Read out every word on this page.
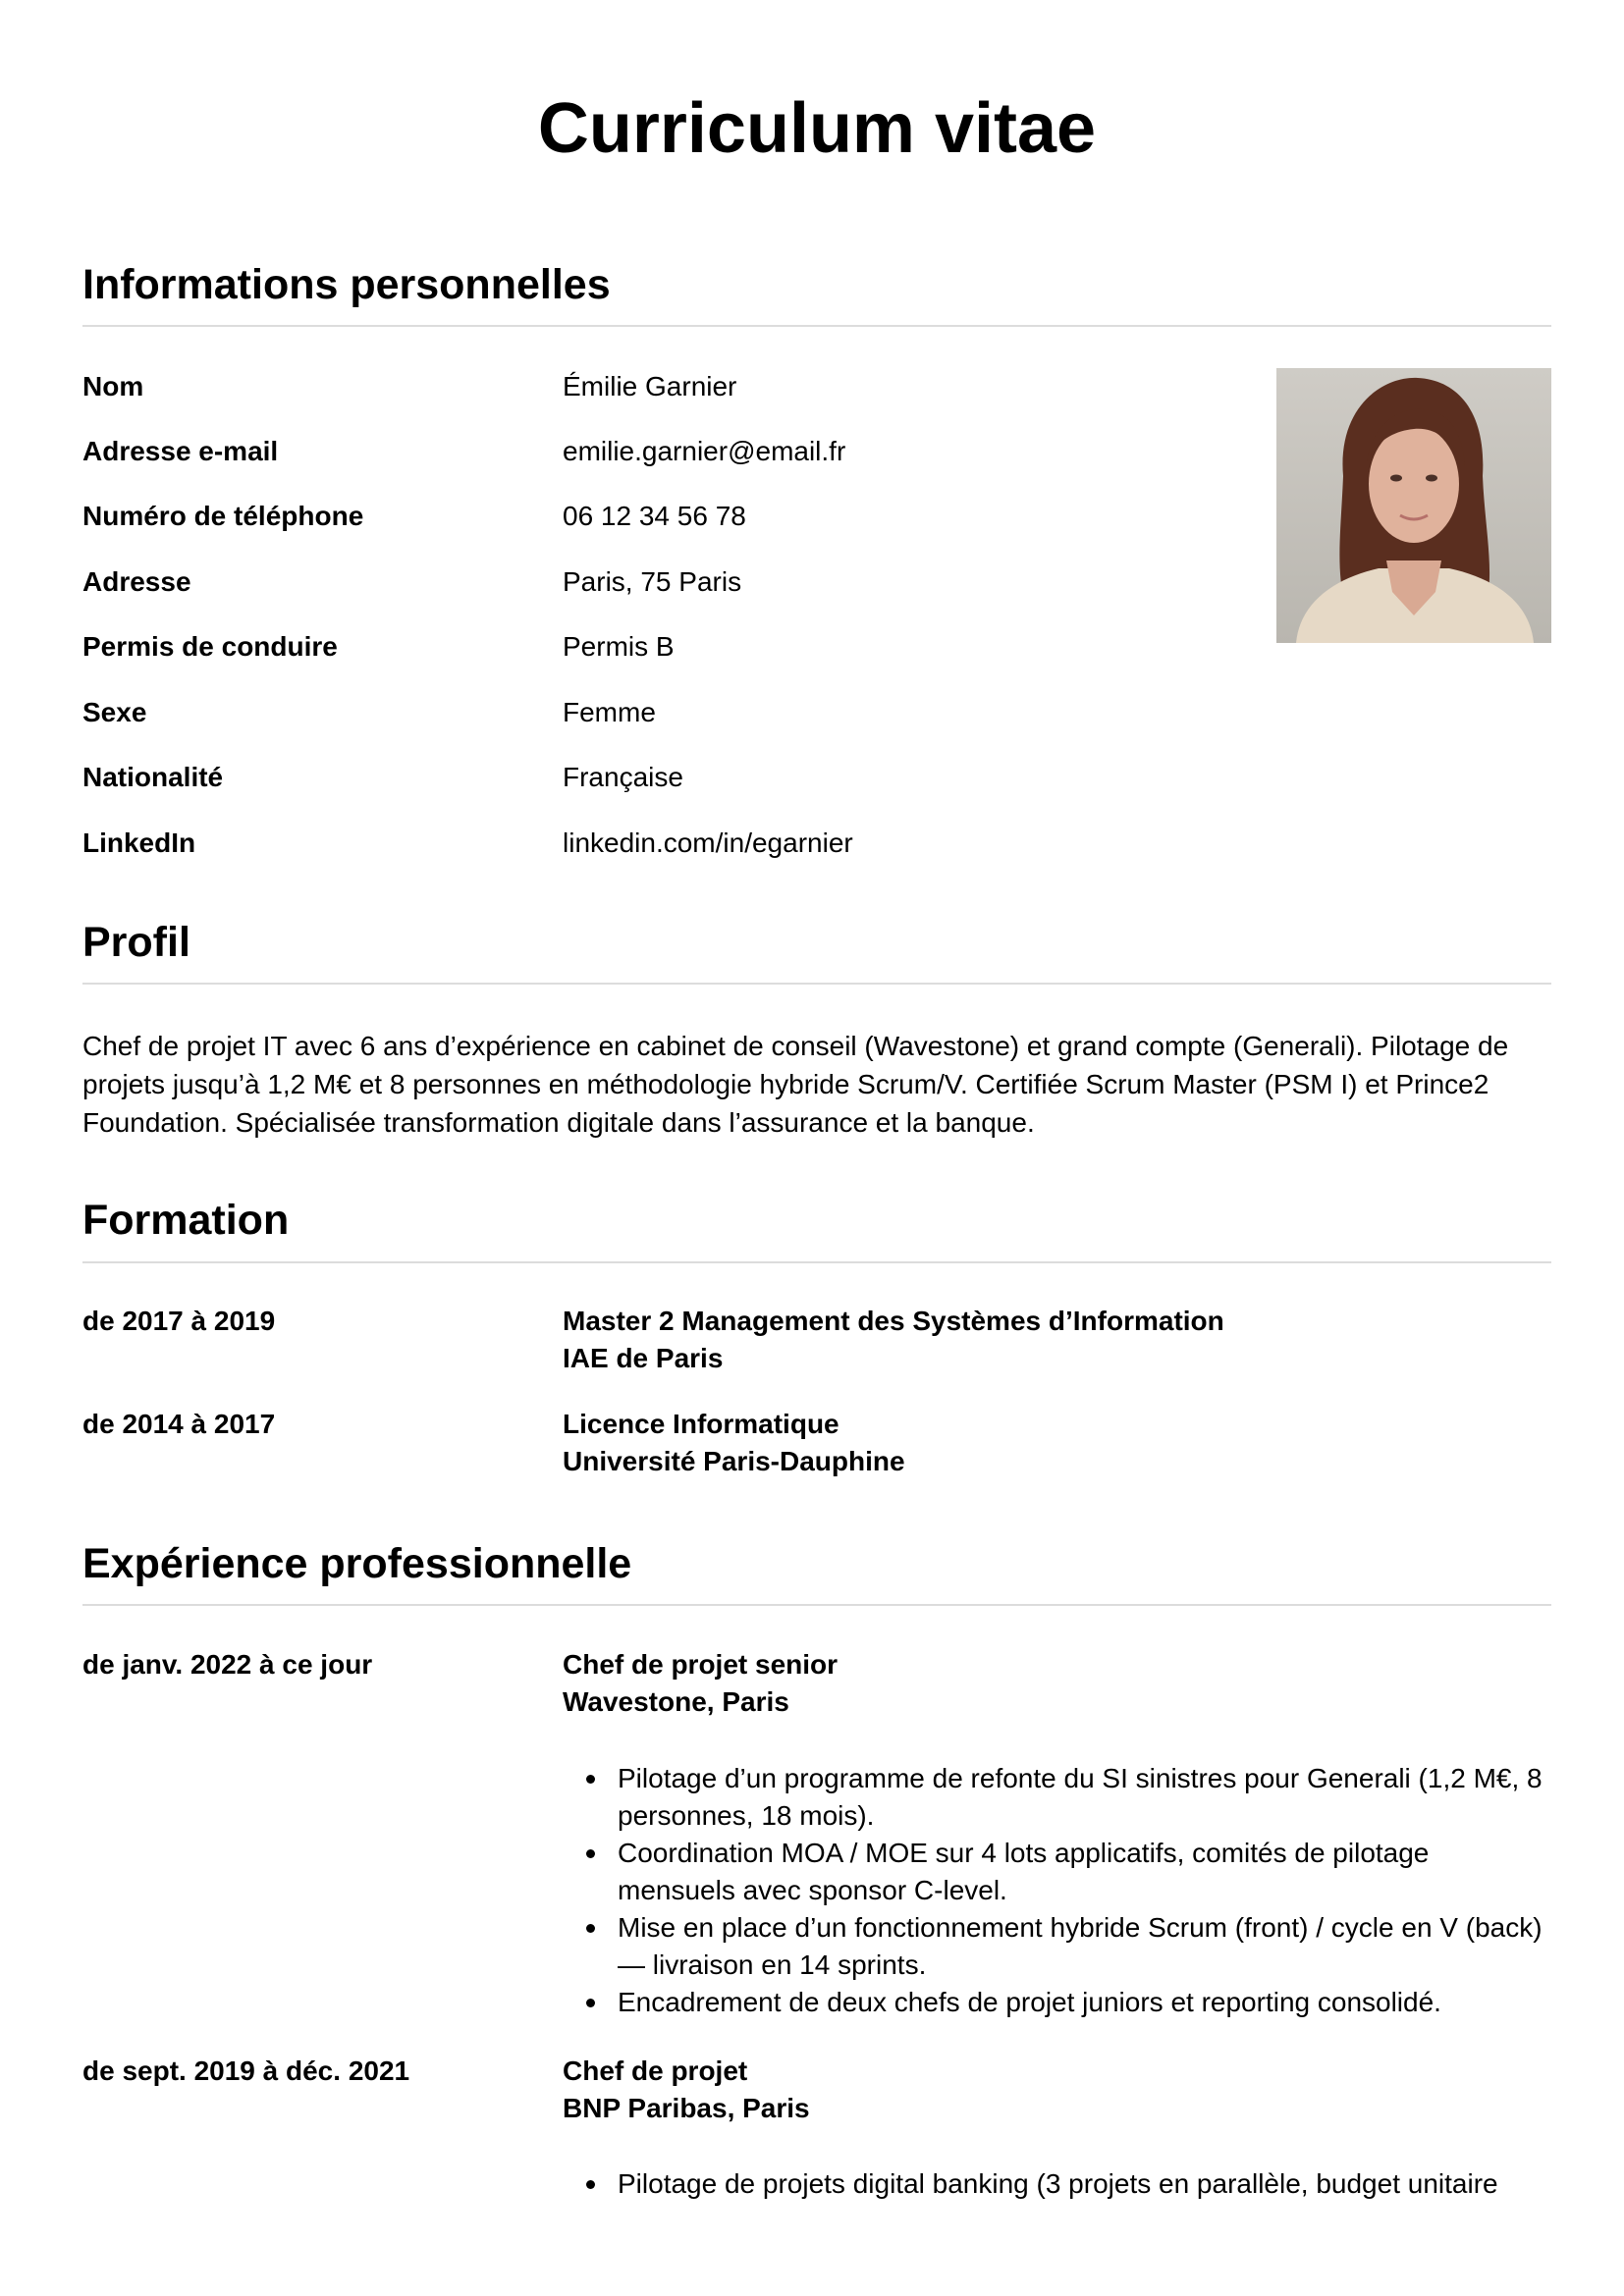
Curriculum vitae
Informations personnelles
Nom	Émilie Garnier
Adresse e-mail	emilie.garnier@email.fr
Numéro de téléphone	06 12 34 56 78
Adresse	Paris, 75 Paris
Permis de conduire	Permis B
Sexe	Femme
Nationalité	Française
LinkedIn	linkedin.com/in/egarnier
Profil
Chef de projet IT avec 6 ans d’expérience en cabinet de conseil (Wavestone) et grand compte (Generali). Pilotage de
projets jusqu’à 1,2 M€ et 8 personnes en méthodologie hybride Scrum/V. Certifiée Scrum Master (PSM I) et Prince2
Foundation. Spécialisée transformation digitale dans l’assurance et la banque.
Formation
de 2017 à 2019	Master 2 Management des Systèmes d’Information
IAE de Paris
de 2014 à 2017	Licence Informatique
Université Paris-Dauphine
Expérience professionnelle
de janv. 2022 à ce jour	Chef de projet senior
Wavestone, Paris
Pilotage d’un programme de refonte du SI sinistres pour Generali (1,2 M€, 8
personnes, 18 mois).
Coordination MOA / MOE sur 4 lots applicatifs, comités de pilotage
mensuels avec sponsor C-level.
Mise en place d’un fonctionnement hybride Scrum (front) / cycle en V (back)
— livraison en 14 sprints.
Encadrement de deux chefs de projet juniors et reporting consolidé.
de sept. 2019 à déc. 2021	Chef de projet
BNP Paribas, Paris
Pilotage de projets digital banking (3 projets en parallèle, budget unitaire
